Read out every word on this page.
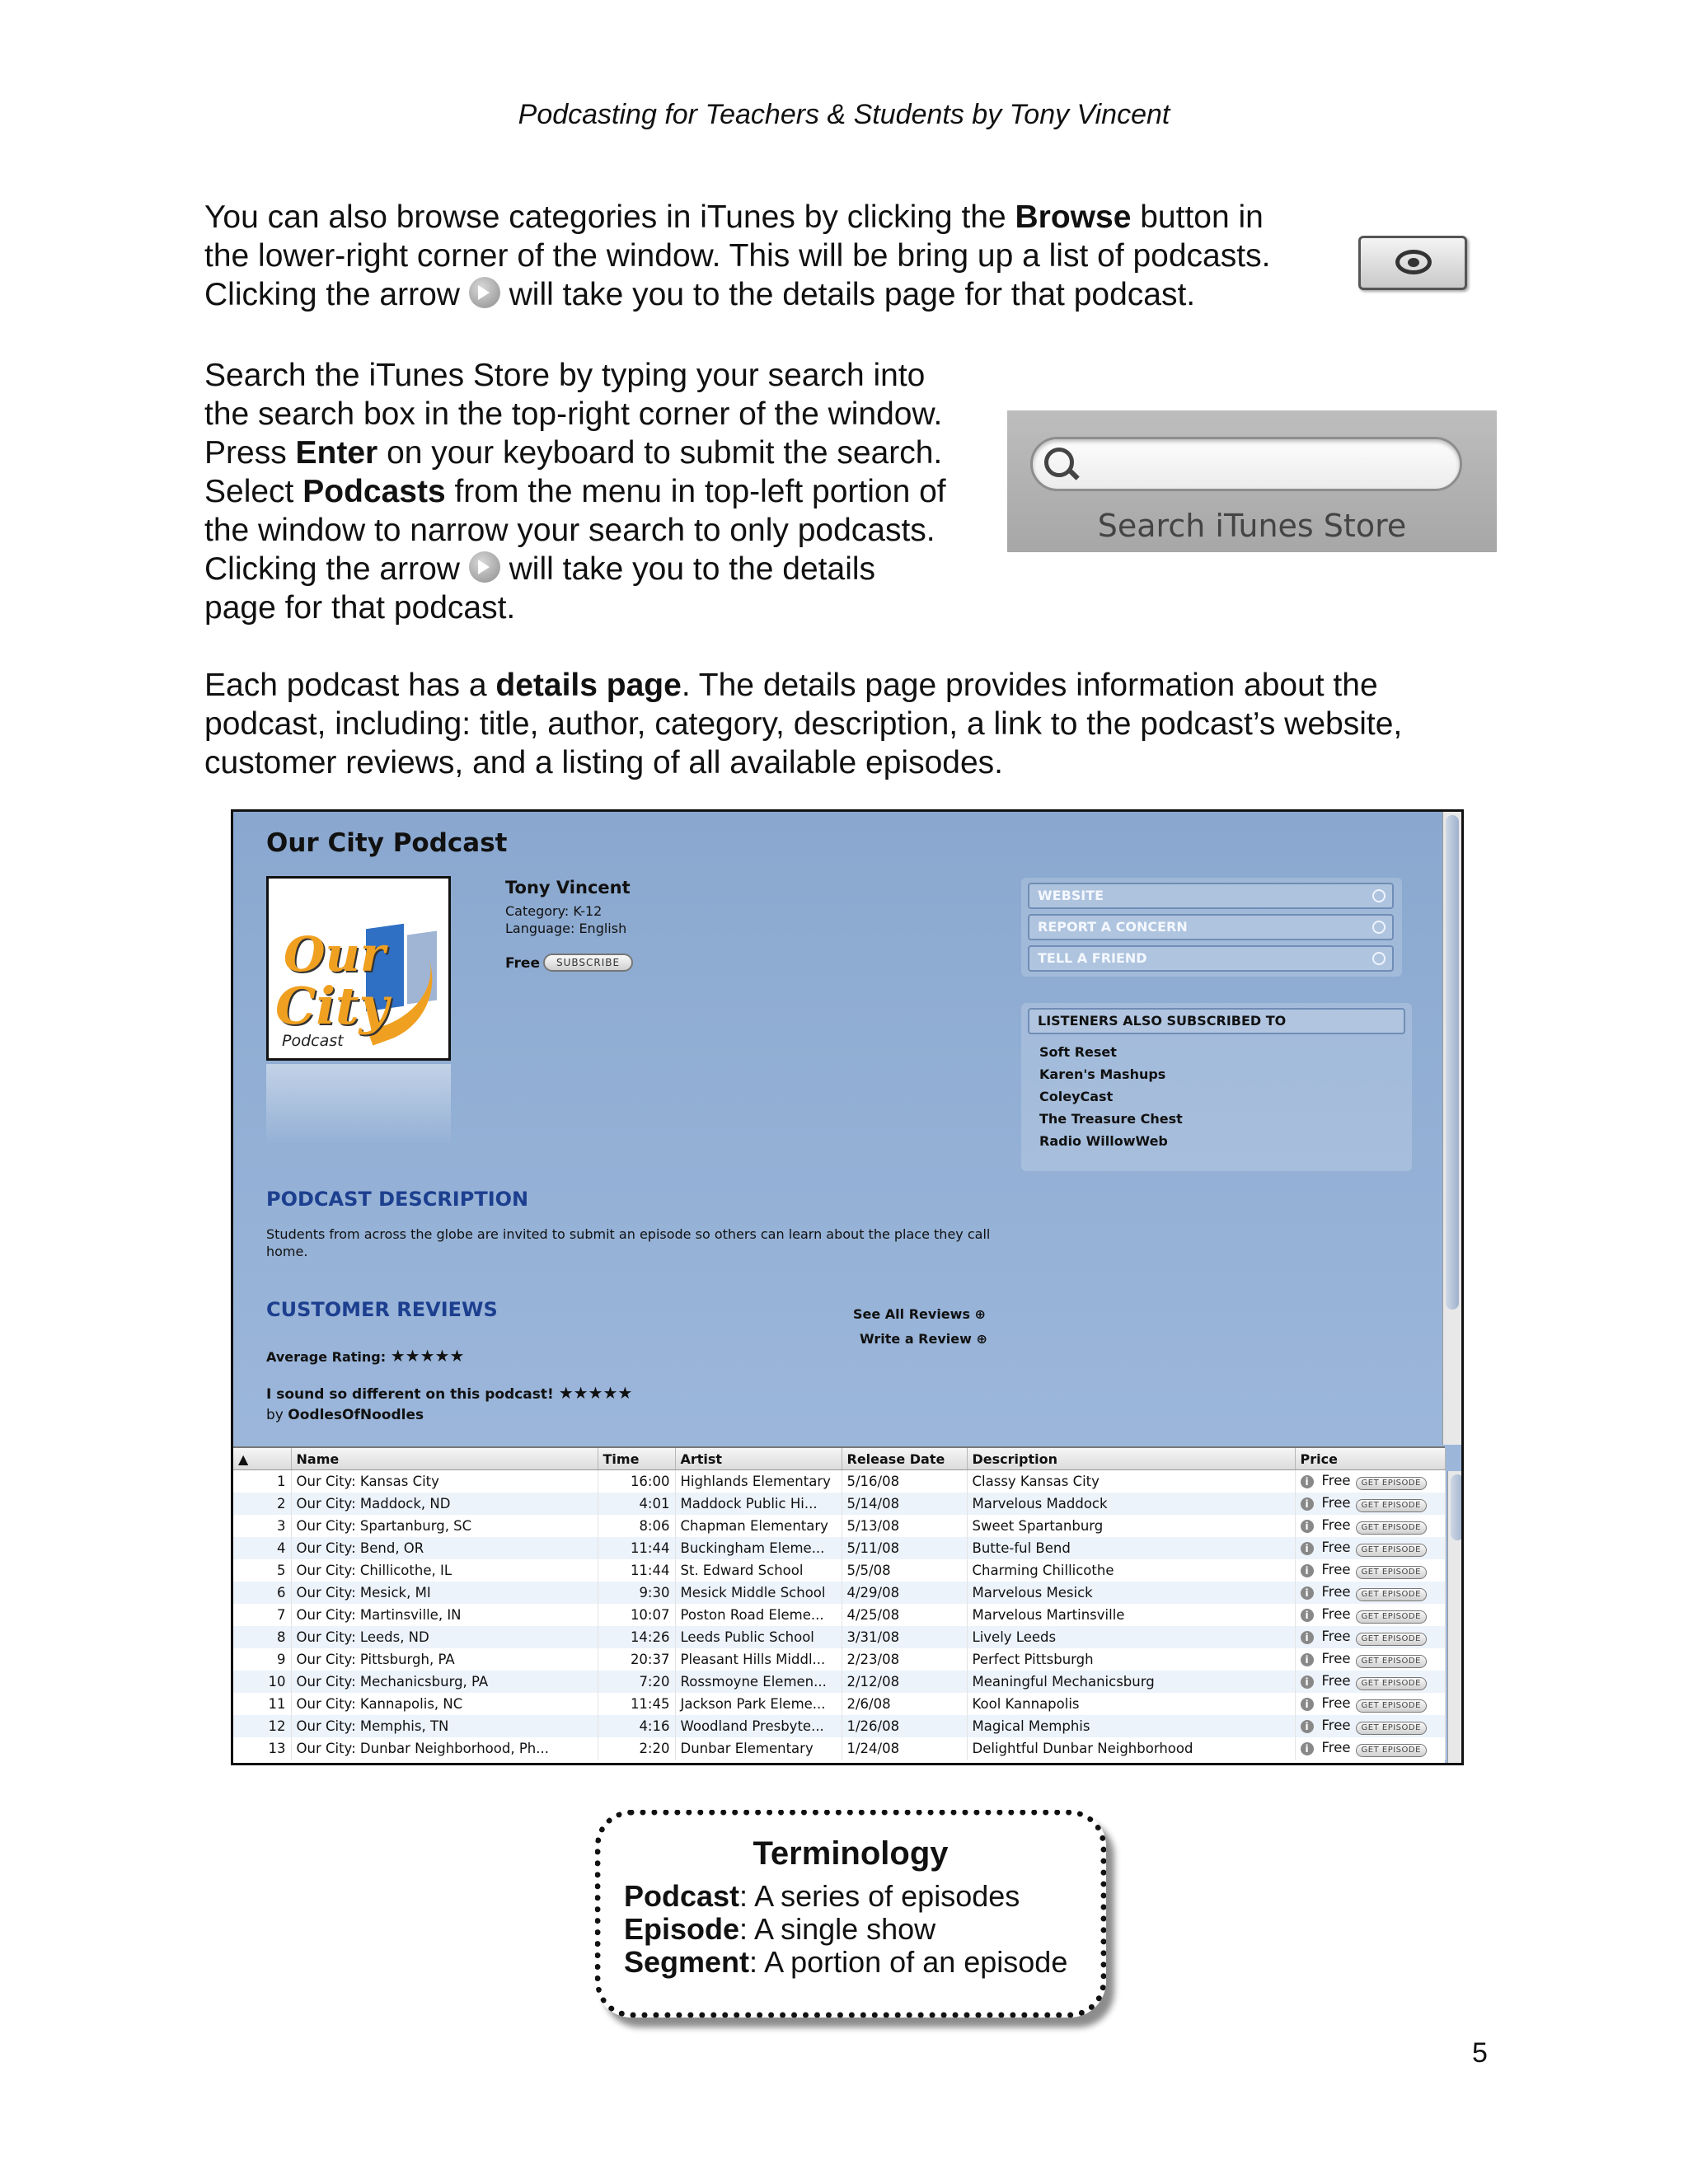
Podcasting for Teachers & Students by Tony Vincent
You can also browse categories in iTunes by clicking the Browse button in
the lower-right corner of the window. This will be bring up a list of podcasts.
Clicking the arrow  will take you to the details page for that podcast.
Search the iTunes Store by typing your search into
the search box in the top-right corner of the window.
Press Enter on your keyboard to submit the search.
Select Podcasts from the menu in top-left portion of
the window to narrow your search to only podcasts.
Clicking the arrow  will take you to the details
page for that podcast.
Search iTunes Store
Each podcast has a details page. The details page provides information about the
podcast, including: title, author, category, description, a link to the podcast’s website,
customer reviews, and a listing of all available episodes.
Our City Podcast
Our
City
Podcast
Tony Vincent
Category: K-12
Language: English
Free	SUBSCRIBE
WEBSITE
REPORT A CONCERN
TELL A FRIEND
LISTENERS ALSO SUBSCRIBED TO
Soft Reset
Karen's Mashups
ColeyCast
The Treasure Chest
Radio WillowWeb
PODCAST DESCRIPTION
Students from across the globe are invited to submit an episode so others can learn about the place they call home.
CUSTOMER REVIEWS	See All Reviews ⊕
Write a Review ⊕
Average Rating: ★★★★★
I sound so different on this podcast! ★★★★★
by OodlesOfNoodles
▲	Name	Time	Artist	Release Date	Description	Price
1	Our City: Kansas City	16:00	Highlands Elementary	5/16/08	Classy Kansas City	i Free GET EPISODE
2	Our City: Maddock, ND	4:01	Maddock Public Hi...	5/14/08	Marvelous Maddock	i Free GET EPISODE
3	Our City: Spartanburg, SC	8:06	Chapman Elementary	5/13/08	Sweet Spartanburg	i Free GET EPISODE
4	Our City: Bend, OR	11:44	Buckingham Eleme...	5/11/08	Butte-ful Bend	i Free GET EPISODE
5	Our City: Chillicothe, IL	11:44	St. Edward School	5/5/08	Charming Chillicothe	i Free GET EPISODE
6	Our City: Mesick, MI	9:30	Mesick Middle School	4/29/08	Marvelous Mesick	i Free GET EPISODE
7	Our City: Martinsville, IN	10:07	Poston Road Eleme...	4/25/08	Marvelous Martinsville	i Free GET EPISODE
8	Our City: Leeds, ND	14:26	Leeds Public School	3/31/08	Lively Leeds	i Free GET EPISODE
9	Our City: Pittsburgh, PA	20:37	Pleasant Hills Middl...	2/23/08	Perfect Pittsburgh	i Free GET EPISODE
10	Our City: Mechanicsburg, PA	7:20	Rossmoyne Elemen...	2/12/08	Meaningful Mechanicsburg	i Free GET EPISODE
11	Our City: Kannapolis, NC	11:45	Jackson Park Eleme...	2/6/08	Kool Kannapolis	i Free GET EPISODE
12	Our City: Memphis, TN	4:16	Woodland Presbyte...	1/26/08	Magical Memphis	i Free GET EPISODE
13	Our City: Dunbar Neighborhood, Ph...	2:20	Dunbar Elementary	1/24/08	Delightful Dunbar Neighborhood	i Free GET EPISODE
Terminology
Podcast: A series of episodes
Episode: A single show
Segment: A portion of an episode
5
